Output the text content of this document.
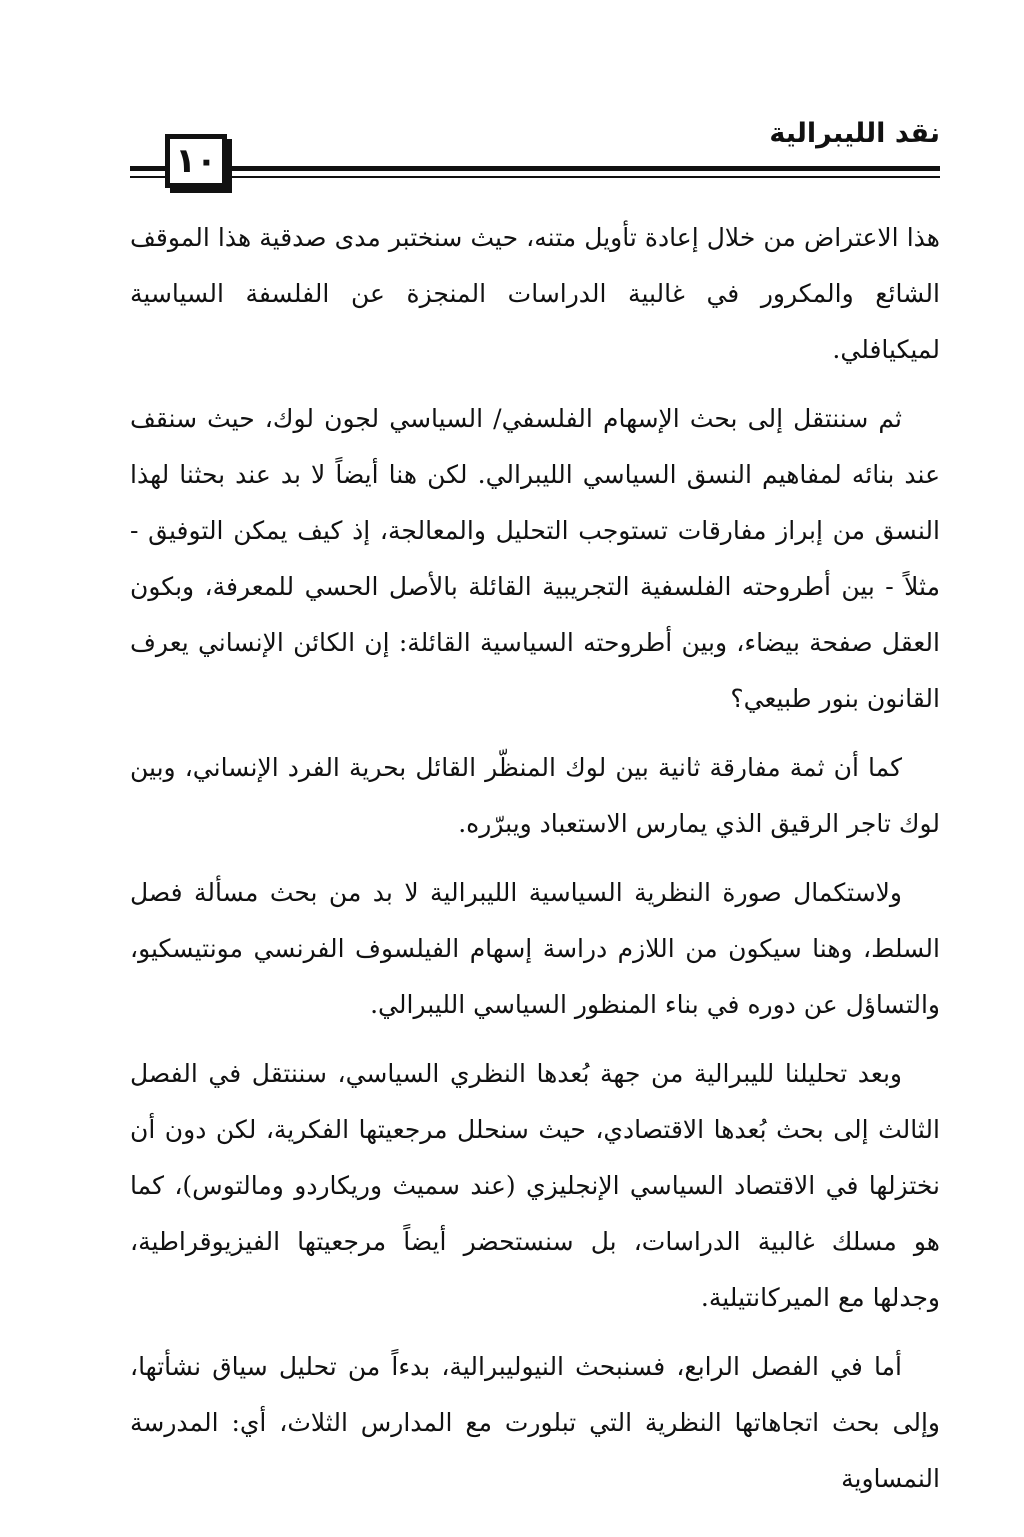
نقد الليبرالية
١٠

هذا الاعتراض من خلال إعادة تأويل متنه، حيث سنختبر مدى صدقية هذا الموقف الشائع والمكرور في غالبية الدراسات المنجزة عن الفلسفة السياسية لميكيافلي.

ثم سننتقل إلى بحث الإسهام الفلسفي/ السياسي لجون لوك، حيث سنقف عند بنائه لمفاهيم النسق السياسي الليبرالي. لكن هنا أيضاً لا بد عند بحثنا لهذا النسق من إبراز مفارقات تستوجب التحليل والمعالجة، إذ كيف يمكن التوفيق - مثلاً - بين أطروحته الفلسفية التجريبية القائلة بالأصل الحسي للمعرفة، وبكون العقل صفحة بيضاء، وبين أطروحته السياسية القائلة: إن الكائن الإنساني يعرف القانون بنور طبيعي؟

كما أن ثمة مفارقة ثانية بين لوك المنظّر القائل بحرية الفرد الإنساني، وبين لوك تاجر الرقيق الذي يمارس الاستعباد ويبرّره.

ولاستكمال صورة النظرية السياسية الليبرالية لا بد من بحث مسألة فصل السلط، وهنا سيكون من اللازم دراسة إسهام الفيلسوف الفرنسي مونتيسكيو، والتساؤل عن دوره في بناء المنظور السياسي الليبرالي.

وبعد تحليلنا لليبرالية من جهة بُعدها النظري السياسي، سننتقل في الفصل الثالث إلى بحث بُعدها الاقتصادي، حيث سنحلل مرجعيتها الفكرية، لكن دون أن نختزلها في الاقتصاد السياسي الإنجليزي (عند سميث وريكاردو ومالتوس)، كما هو مسلك غالبية الدراسات، بل سنستحضر أيضاً مرجعيتها الفيزيوقراطية، وجدلها مع الميركانتيلية.

أما في الفصل الرابع، فسنبحث النيوليبرالية، بدءاً من تحليل سياق نشأتها، وإلى بحث اتجاهاتها النظرية التي تبلورت مع المدارس الثلاث، أي: المدرسة النمساوية
